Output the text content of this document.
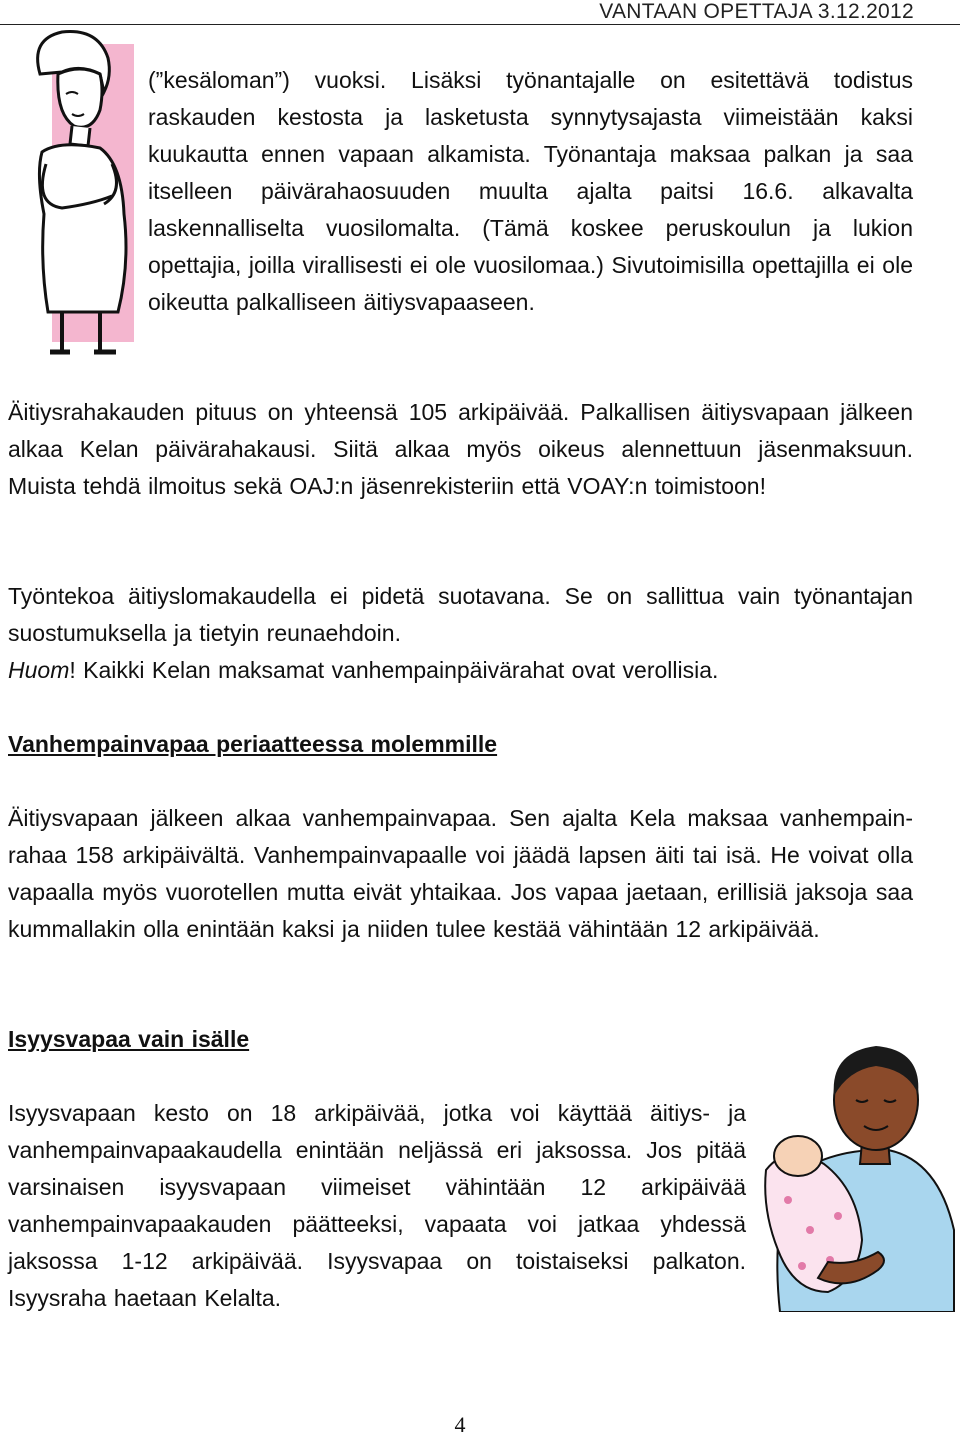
VANTAAN OPETTAJA 3.12.2012

(”kesäloman”) vuoksi. Lisäksi työnantajalle on esitettävä todistus raskauden kestosta ja lasketusta synnytysajasta viimeistään kaksi kuukautta ennen vapaan alkamista. Työnantaja maksaa palkan ja saa itselleen päivärahaosuuden muulta ajalta paitsi 16.6. alkavalta laskennalliselta vuosilomalta. (Tämä koskee peruskoulun ja lukion opettajia, joilla virallisesti ei ole vuosilomaa.) Sivutoimisilla opettajilla ei ole oikeutta palkalliseen äitiysvapaaseen.

Äitiysrahakauden pituus on yhteensä 105 arkipäivää. Palkallisen äitiysvapaan jälkeen alkaa Kelan päivärahakausi. Siitä alkaa myös oikeus alennettuun jäsenmaksuun. Muista tehdä ilmoitus sekä OAJ:n jäsenrekisteriin että VOAY:n toimistoon!

Työntekoa äitiyslomakaudella ei pidetä suotavana. Se on sallittua vain työnantajan suostumuksella ja tietyin reunaehdoin.

Huom! Kaikki Kelan maksamat vanhempainpäivärahat ovat verollisia.

Vanhempainvapaa periaatteessa molemmille

Äitiysvapaan jälkeen alkaa vanhempainvapaa. Sen ajalta Kela maksaa vanhempain- rahaa 158 arkipäivältä. Vanhempainvapaalle voi jäädä lapsen äiti tai isä. He voivat olla vapaalla myös vuorotellen mutta eivät yhtaikaa. Jos vapaa jaetaan, erillisiä jaksoja saa kummallakin olla enintään kaksi ja niiden tulee kestää vähintään 12 arkipäivää.

Isyysvapaa vain isälle

Isyysvapaan kesto on 18 arkipäivää, jotka voi käyttää äitiys- ja vanhempainvapaakaudella enintään neljässä eri jaksossa. Jos pitää varsinaisen isyysvapaan viimeiset vähintään 12 arkipäivää vanhempainvapaakauden päätteeksi, vapaata voi jatkaa yhdessä jaksossa 1-12 arkipäivää. Isyysvapaa on toistaiseksi palkaton. Isyysraha haetaan Kelalta.

4
